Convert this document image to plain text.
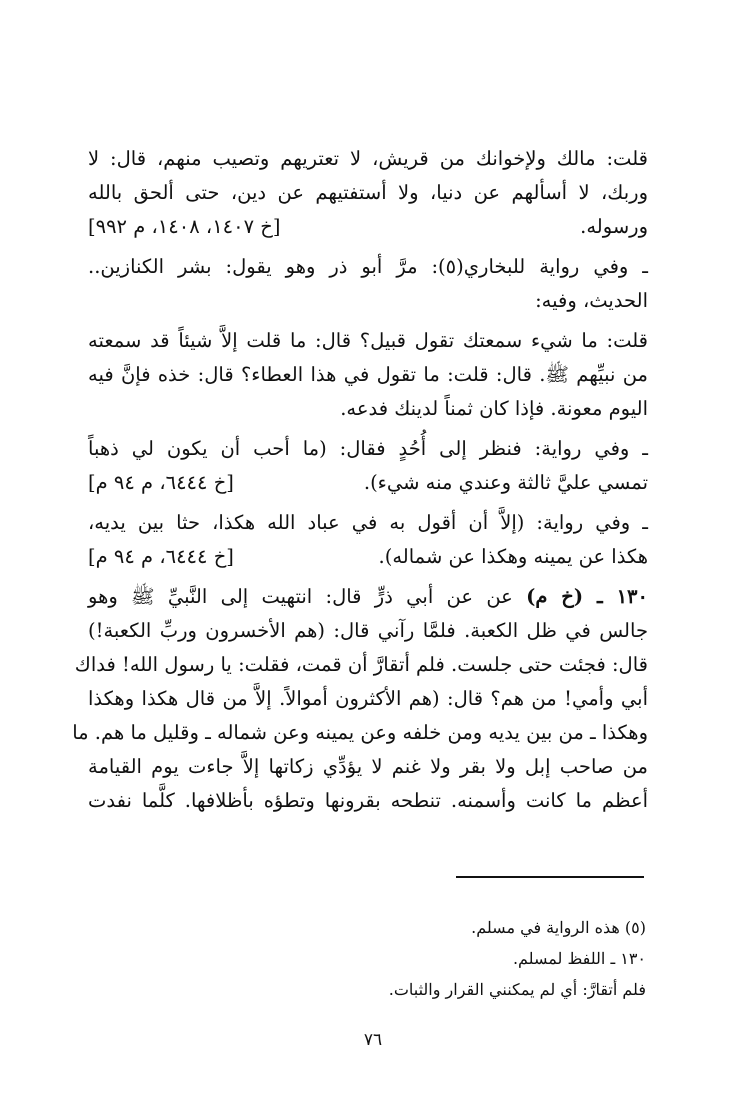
قلت: مالك ولإخوانك من قريش، لا تعتريهم وتصيب منهم، قال: لا
وربك، لا أسألهم عن دنيا، ولا أستفتيهم عن دين، حتى ألحق بالله
ورسوله.
[خ ١٤٠٧، ١٤٠٨، م ٩٩٢]
ـ وفي رواية للبخاري(٥): مرَّ أبو ذر وهو يقول: بشر الكنازين..
الحديث، وفيه:
قلت: ما شيء سمعتك تقول قبيل؟ قال: ما قلت إلاَّ شيئاً قد سمعته
من نبيِّهم ﷺ. قال: قلت: ما تقول في هذا العطاء؟ قال: خذه فإنَّ فيه
اليوم معونة. فإذا كان ثمناً لدينك فدعه.
ـ وفي رواية: فنظر إلى أُحُدٍ فقال: (ما أحب أن يكون لي ذهباً
تمسي عليَّ ثالثة وعندي منه شيء).
[خ ٦٤٤٤، م ٩٤ م]
ـ وفي رواية: (إلاَّ أن أقول به في عباد الله هكذا، حثا بين يديه،
هكذا عن يمينه وهكذا عن شماله).
[خ ٦٤٤٤، م ٩٤ م]
١٣٠ ـ (خ م) عن عن أبي ذرٍّ قال: انتهيت إلى النَّبيِّ ﷺ وهو
جالس في ظل الكعبة. فلمَّا رآني قال: (هم الأخسرون وربِّ الكعبة!)
قال: فجئت حتى جلست. فلم أتقارَّ أن قمت، فقلت: يا رسول الله! فداك
أبي وأمي! من هم؟ قال: (هم الأكثرون أموالاً. إلاَّ من قال هكذا وهكذا
وهكذا ـ من بين يديه ومن خلفه وعن يمينه وعن شماله ـ وقليل ما هم. ما
من صاحب إبل ولا بقر ولا غنم لا يؤدِّي زكاتها إلاَّ جاءت يوم القيامة
أعظم ما كانت وأسمنه. تنطحه بقرونها وتطؤه بأظلافها. كلَّما نفدت
(٥) هذه الرواية في مسلم.
١٣٠ ـ اللفظ لمسلم.
فلم أتقارَّ: أي لم يمكنني القرار والثبات.
٧٦
